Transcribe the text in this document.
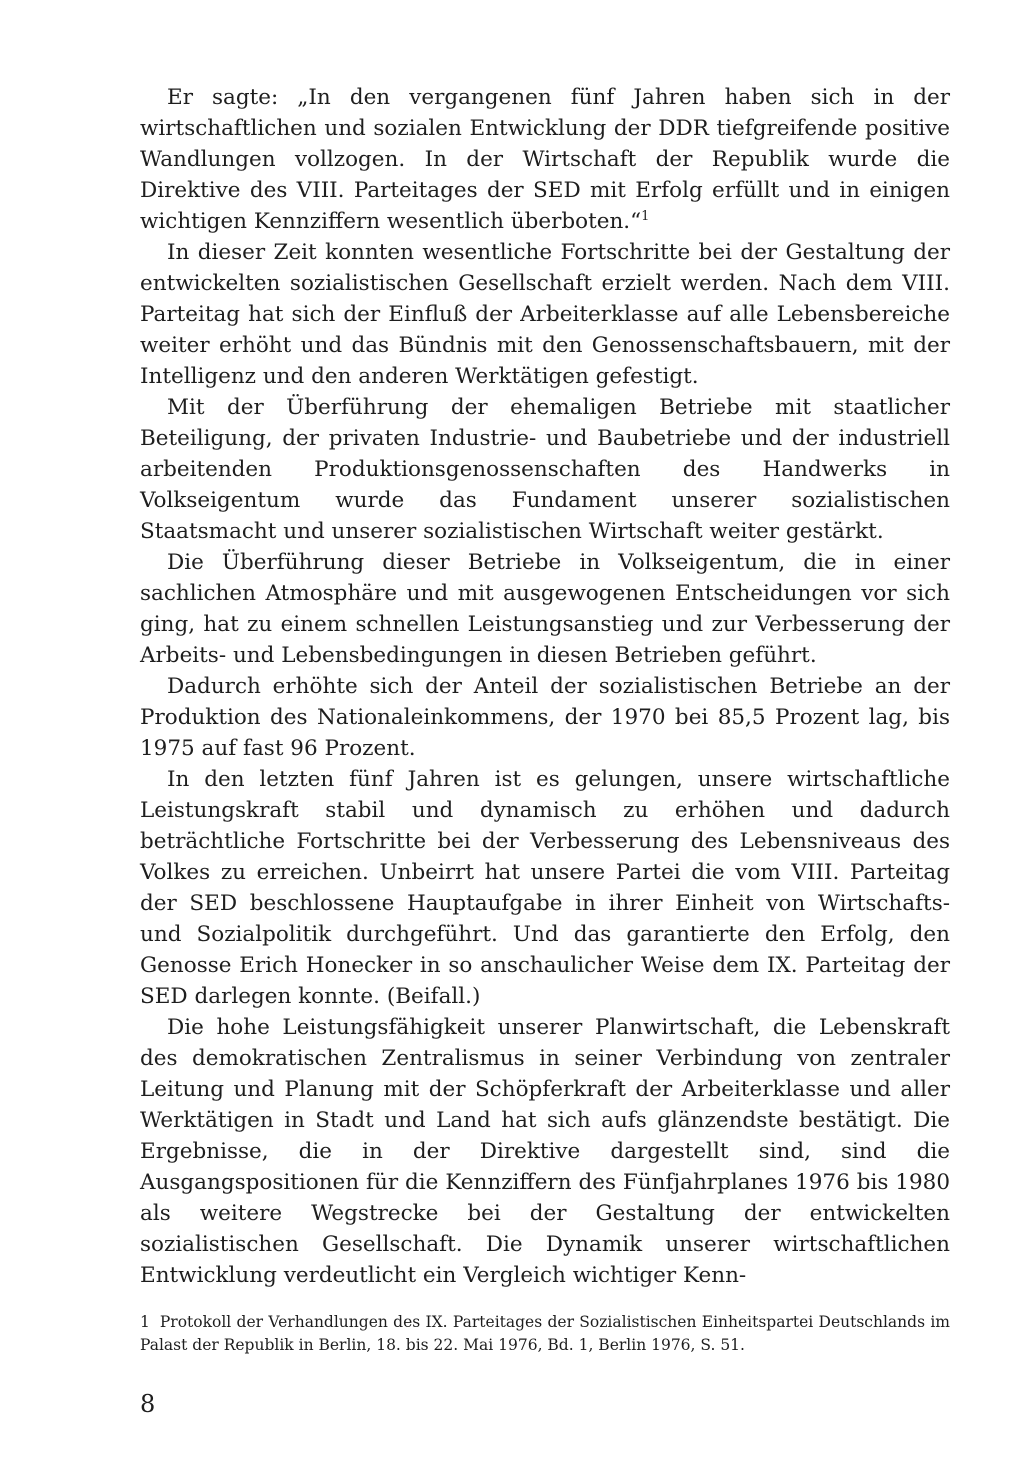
Er sagte: „In den vergangenen fünf Jahren haben sich in der wirtschaftlichen und sozialen Entwicklung der DDR tiefgreifende positive Wandlungen vollzogen. In der Wirtschaft der Republik wurde die Direktive des VIII. Parteitages der SED mit Erfolg erfüllt und in einigen wichtigen Kennziffern wesentlich überboten.“$^1$

In dieser Zeit konnten wesentliche Fortschritte bei der Gestaltung der entwickelten sozialistischen Gesellschaft erzielt werden. Nach dem VIII. Parteitag hat sich der Einfluß der Arbeiterklasse auf alle Lebensbereiche weiter erhöht und das Bündnis mit den Genossenschaftsbauern, mit der Intelligenz und den anderen Werktätigen gefestigt.

Mit der Überführung der ehemaligen Betriebe mit staatlicher Beteiligung, der privaten Industrie- und Baubetriebe und der industriell arbeitenden Produktionsgenossenschaften des Handwerks in Volkseigentum wurde das Fundament unserer sozialistischen Staatsmacht und unserer sozialistischen Wirtschaft weiter gestärkt.

Die Überführung dieser Betriebe in Volkseigentum, die in einer sachlichen Atmosphäre und mit ausgewogenen Entscheidungen vor sich ging, hat zu einem schnellen Leistungsanstieg und zur Verbesserung der Arbeits- und Lebensbedingungen in diesen Betrieben geführt.

Dadurch erhöhte sich der Anteil der sozialistischen Betriebe an der Produktion des Nationaleinkommens, der 1970 bei 85,5 Prozent lag, bis 1975 auf fast 96 Prozent.

In den letzten fünf Jahren ist es gelungen, unsere wirtschaftliche Leistungskraft stabil und dynamisch zu erhöhen und dadurch beträchtliche Fortschritte bei der Verbesserung des Lebensniveaus des Volkes zu erreichen. Unbeirrt hat unsere Partei die vom VIII. Parteitag der SED beschlossene Hauptaufgabe in ihrer Einheit von Wirtschafts- und Sozialpolitik durchgeführt. Und das garantierte den Erfolg, den Genosse Erich Honecker in so anschaulicher Weise dem IX. Parteitag der SED darlegen konnte. (Beifall.)

Die hohe Leistungsfähigkeit unserer Planwirtschaft, die Lebenskraft des demokratischen Zentralismus in seiner Verbindung von zentraler Leitung und Planung mit der Schöpferkraft der Arbeiterklasse und aller Werktätigen in Stadt und Land hat sich aufs glänzendste bestätigt. Die Ergebnisse, die in der Direktive dargestellt sind, sind die Ausgangspositionen für die Kennziffern des Fünfjahrplanes 1976 bis 1980 als weitere Wegstrecke bei der Gestaltung der entwickelten sozialistischen Gesellschaft. Die Dynamik unserer wirtschaftlichen Entwicklung verdeutlicht ein Vergleich wichtiger Kenn-

1 Protokoll der Verhandlungen des IX. Parteitages der Sozialistischen Einheitspartei Deutschlands im Palast der Republik in Berlin, 18. bis 22. Mai 1976, Bd. 1, Berlin 1976, S. 51.
8
